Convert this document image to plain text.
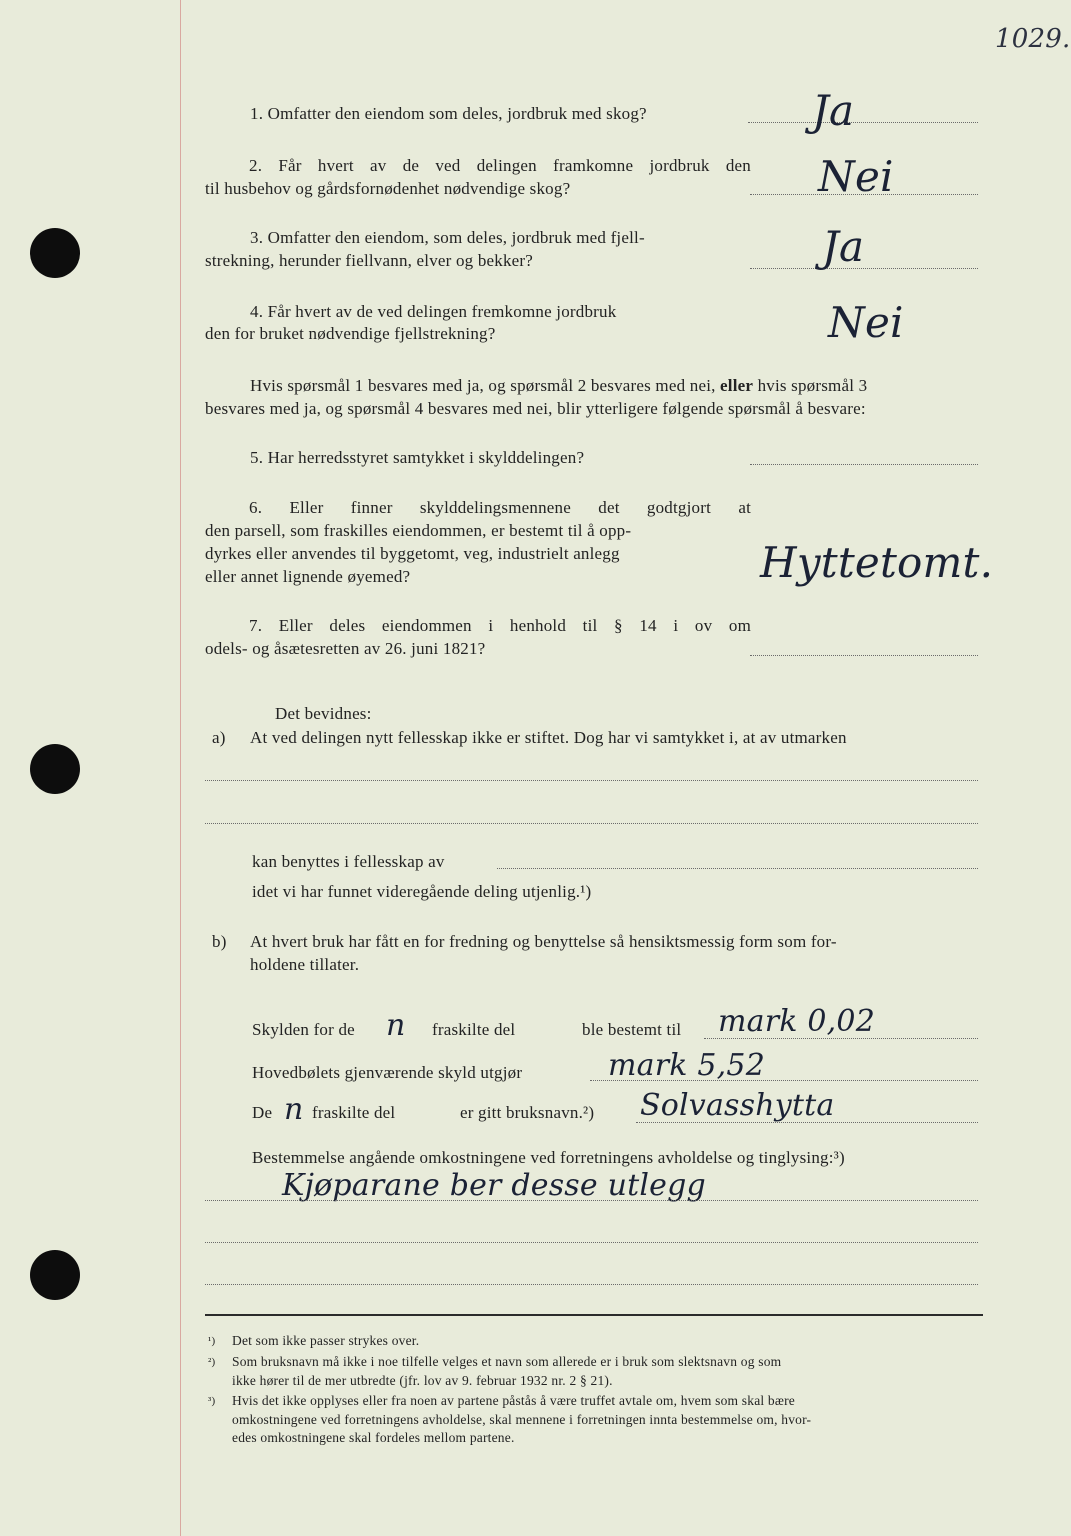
1029.
1. Omfatter den eiendom som deles, jordbruk med skog?	Ja
2. Får hvert av de ved delingen framkomne jordbruk den
til husbehov og gårdsfornødenhet nødvendige skog?	Nei
3. Omfatter den eiendom, som deles, jordbruk med fjell-
strekning, herunder fiellvann, elver og bekker?	Ja
4. Får hvert av de ved delingen fremkomne jordbruk
den for bruket nødvendige fjellstrekning?	Nei
Hvis spørsmål 1 besvares med ja, og spørsmål 2 besvares med nei, eller hvis spørsmål 3
besvares med ja, og spørsmål 4 besvares med nei, blir ytterligere følgende spørsmål å besvare:
5. Har herredsstyret samtykket i skylddelingen?
6. Eller finner skylddelingsmennene det godtgjort at
den parsell, som fraskilles eiendommen, er bestemt til å opp-
dyrkes eller anvendes til byggetomt, veg, industrielt anlegg
eller annet lignende øyemed?	Hyttetomt.
7. Eller deles eiendommen i henhold til § 14 i ov om
odels- og åsætesretten av 26. juni 1821?
Det bevidnes:
a) At ved delingen nytt fellesskap ikke er stiftet. Dog har vi samtykket i, at av utmarken
kan benyttes i fellesskap av
idet vi har funnet videregående deling utjenlig.¹)
b) At hvert bruk har fått en for fredning og benyttelse så hensiktsmessig form som for-
holdene tillater.
Skylden for de n fraskilte del	ble bestemt til mark 0,02
Hovedbølets gjenværende skyld utgjør	mark 5,52
De n fraskilte del	er gitt bruksnavn.²) Solvasshytta
Bestemmelse angående omkostningene ved forretningens avholdelse og tinglysing:³)
Kjøparane ber desse utlegg
¹) Det som ikke passer strykes over.
²) Som bruksnavn må ikke i noe tilfelle velges et navn som allerede er i bruk som slektsnavn og som
ikke hører til de mer utbredte (jfr. lov av 9. februar 1932 nr. 2 § 21).
³) Hvis det ikke opplyses eller fra noen av partene påstås å være truffet avtale om, hvem som skal bære
omkostningene ved forretningens avholdelse, skal mennene i forretningen innta bestemmelse om, hvor-
edes omkostningene skal fordeles mellom partene.
